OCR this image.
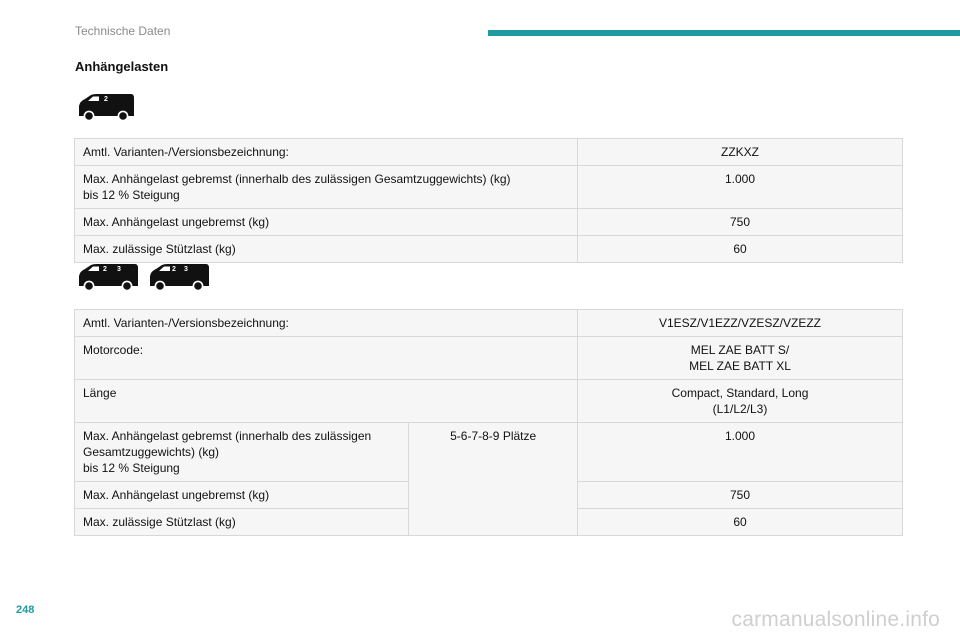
Technische Daten
Anhängelasten
2
Amtl. Varianten-/Versionsbezeichnung:	ZZKXZ
Max. Anhängelast gebremst (innerhalb des zulässigen Gesamtzuggewichts) (kg)
bis 12 % Steigung	1.000
Max. Anhängelast ungebremst (kg)	750
Max. zulässige Stützlast (kg)	60
2 3	2 3
Amtl. Varianten-/Versionsbezeichnung:		V1ESZ/V1EZZ/VZESZ/VZEZZ
Motorcode:		MEL ZAE BATT S/
MEL ZAE BATT XL
Länge		Compact, Standard, Long
(L1/L2/L3)
Max. Anhängelast gebremst (innerhalb des zulässigen
Gesamtzuggewichts) (kg)
bis 12 % Steigung	5-6-7-8-9 Plätze	1.000
Max. Anhängelast ungebremst (kg)		750
Max. zulässige Stützlast (kg)		60
248	carmanualsonline.info
